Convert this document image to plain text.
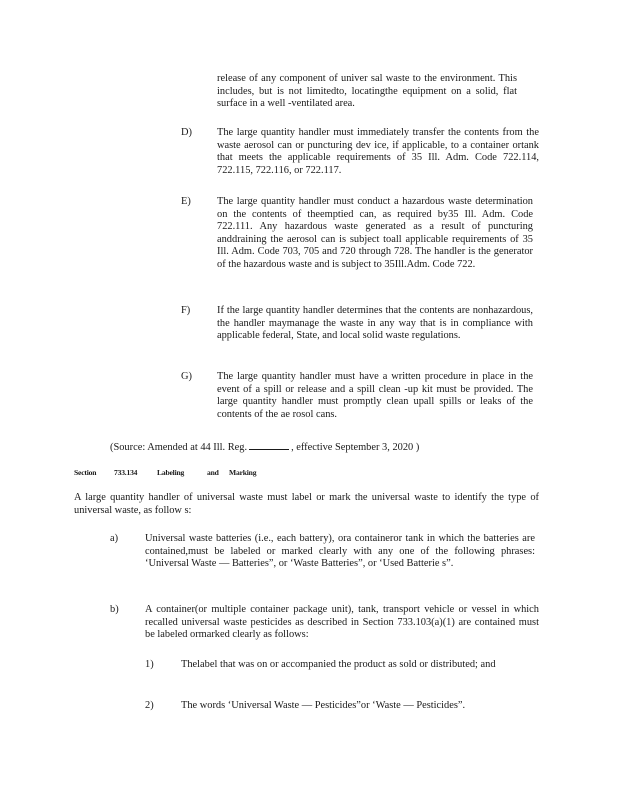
release of any component of univer sal waste to the environment. This includes, but is not limitedto, locatingthe equipment on a solid, flat surface in a well -ventilated area.

D) The large quantity handler must immediately transfer the contents from the waste aerosol can or puncturing dev ice, if applicable, to a container ortank that meets the applicable requirements of 35 Ill. Adm. Code 722.114, 722.115, 722.116, or 722.117.

E)	The large quantity handler must conduct a hazardous waste determination on the contents of theemptied can, as required by35 Ill. Adm. Code 722.111. Any hazardous waste generated as a result of puncturing anddraining the aerosol can is subject toall applicable requirements of 35 Ill. Adm. Code 703, 705 and 720 through 728. The handler is the generator of the hazardous waste and is subject to 35Ill.Adm. Code 722.

F)	If the large quantity handler determines that the contents are nonhazardous, the handler maymanage the waste in any way that is in compliance with applicable federal, State, and local solid waste regulations.

G) The large quantity handler must have a written procedure in place in the event of a spill or release and a spill clean -up kit must be provided. The large quantity handler must promptly clean upall spills or leaks of the contents of the ae rosol cans.

(Source: Amended at 44 Ill. Reg.	, effective September 3, 2020 )
Section 733.134	Labeling	and Marking

A large quantity handler of universal waste must label or mark the universal waste to identify the type of universal waste, as follow s:

a)	Universal waste batteries (i.e., each battery), ora containeror tank in which the batteries are contained,must be labeled or marked clearly with any one of the following phrases: ‘Universal Waste — Batteries”, or ‘Waste Batteries”, or ‘Used Batterie s”.

b)	A container(or multiple container package unit), tank, transport vehicle or vessel in which recalled universal waste pesticides as described in Section 733.103(a)(1) are contained must be labeled ormarked clearly as follows:

1)	Thelabel that was on or accompanied the product as sold or distributed; and

2)	The words ‘Universal Waste — Pesticides”or ‘Waste — Pesticides”.
